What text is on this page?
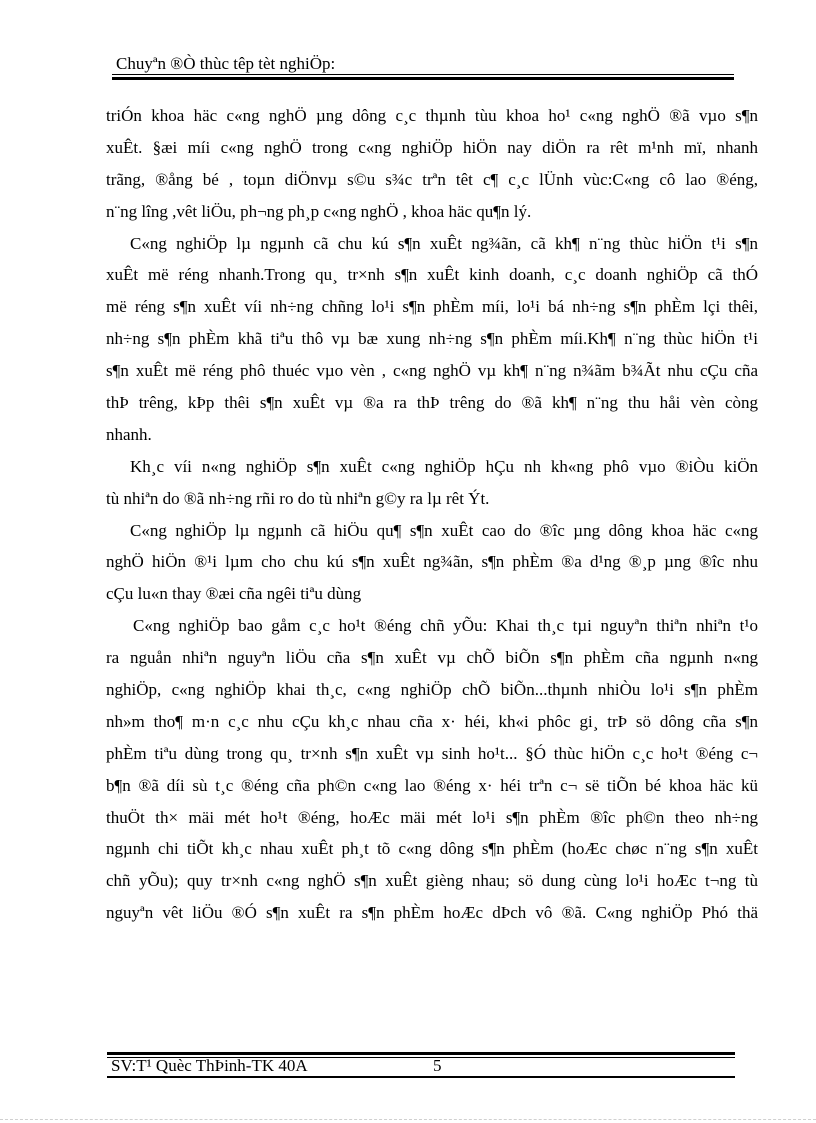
Chuyªn ®Ò thùc têp tèt nghiÖp:
triÓn khoa häc c«ng nghÖ µng dông c¸c thµnh tùu khoa ho¹ c«ng nghÖ ®ã vµo s¶n
xuÊt. §æi míi c«ng nghÖ trong c«ng nghiÖp hiÖn nay diÖn ra rêt m¹nh mï, nhanh
trãng, ®ång bé , toµn diÖnvµ s©u s¾c trªn têt c¶ c¸c lÜnh vùc:C«ng cô lao ®éng,
n¨ng lîng ,vêt liÖu, ph¬ng ph¸p c«ng nghÖ , khoa häc qu¶n lý.
C«ng nghiÖp lµ ngµnh cã chu kú s¶n xuÊt ng¾ãn, cã kh¶ n¨ng thùc hiÖn t¹i s¶n
xuÊt më réng nhanh.Trong qu¸ tr×nh s¶n xuÊt kinh doanh, c¸c doanh nghiÖp cã thÓ
më réng s¶n xuÊt víi nh÷ng chñng lo¹i s¶n phÈm míi, lo¹i bá nh÷ng s¶n phÈm lçi thêi,
nh÷ng s¶n phÈm khã tiªu thô vµ bæ xung nh÷ng s¶n phÈm míi.Kh¶ n¨ng thùc hiÖn t¹i
s¶n xuÊt më réng phô thuéc vµo vèn , c«ng nghÖ vµ kh¶ n¨ng n¾ãm b¾Ãt nhu cÇu cña
thÞ trêng, kÞp thêi s¶n xuÊt vµ ®a ra thÞ trêng do ®ã kh¶ n¨ng thu håi vèn còng
nhanh.
Kh¸c víi n«ng nghiÖp s¶n xuÊt c«ng nghiÖp hÇu nh kh«ng phô vµo ®iÒu kiÖn
tù nhiªn do ®ã nh÷ng rñi ro do tù nhiªn g©y ra lµ rêt Ýt.
C«ng nghiÖp lµ ngµnh cã hiÖu qu¶ s¶n xuÊt cao do ®îc µng dông khoa häc c«ng
nghÖ hiÖn ®¹i lµm cho chu kú s¶n xuÊt ng¾ãn, s¶n phÈm ®a d¹ng ®¸p µng ®îc nhu
cÇu lu«n thay ®æi cña ngêi tiªu dùng
C«ng nghiÖp bao gåm c¸c ho¹t ®éng chñ yÕu: Khai th¸c tµi nguyªn thiªn nhiªn t¹o
ra nguån nhiªn nguyªn liÖu cña s¶n xuÊt vµ chÕ biÕn s¶n phÈm cña ngµnh n«ng
nghiÖp, c«ng nghiÖp khai th¸c, c«ng nghiÖp chÕ biÕn...thµnh nhiÒu lo¹i s¶n phÈm
nh»m tho¶ m·n c¸c nhu cÇu kh¸c nhau cña x· héi, kh«i phôc gi¸ trÞ sö dông cña s¶n
phÈm tiªu dùng trong qu¸ tr×nh s¶n xuÊt vµ sinh ho¹t... §Ó thùc hiÖn c¸c ho¹t ®éng c¬
b¶n ®ã díi sù t¸c ®éng cña ph©n c«ng lao ®éng x· héi trªn c¬ së tiÕn bé khoa häc kü
thuÖt th× mäi mét ho¹t ®éng, hoÆc mäi mét lo¹i s¶n phÈm ®îc ph©n theo nh÷ng
ngµnh chi tiÕt kh¸c nhau xuÊt ph¸t tõ c«ng dông s¶n phÈm (hoÆc chøc n¨ng s¶n xuÊt
chñ yÕu); quy tr×nh c«ng nghÖ s¶n xuÊt gièng nhau; sö dung cùng lo¹i hoÆc t¬ng tù
nguyªn vêt liÖu ®Ó s¶n xuÊt ra s¶n phÈm hoÆc dÞch vô ®ã. C«ng nghiÖp Phó thä
SV:T¹ Quèc ThÞinh-TK 40A	5
